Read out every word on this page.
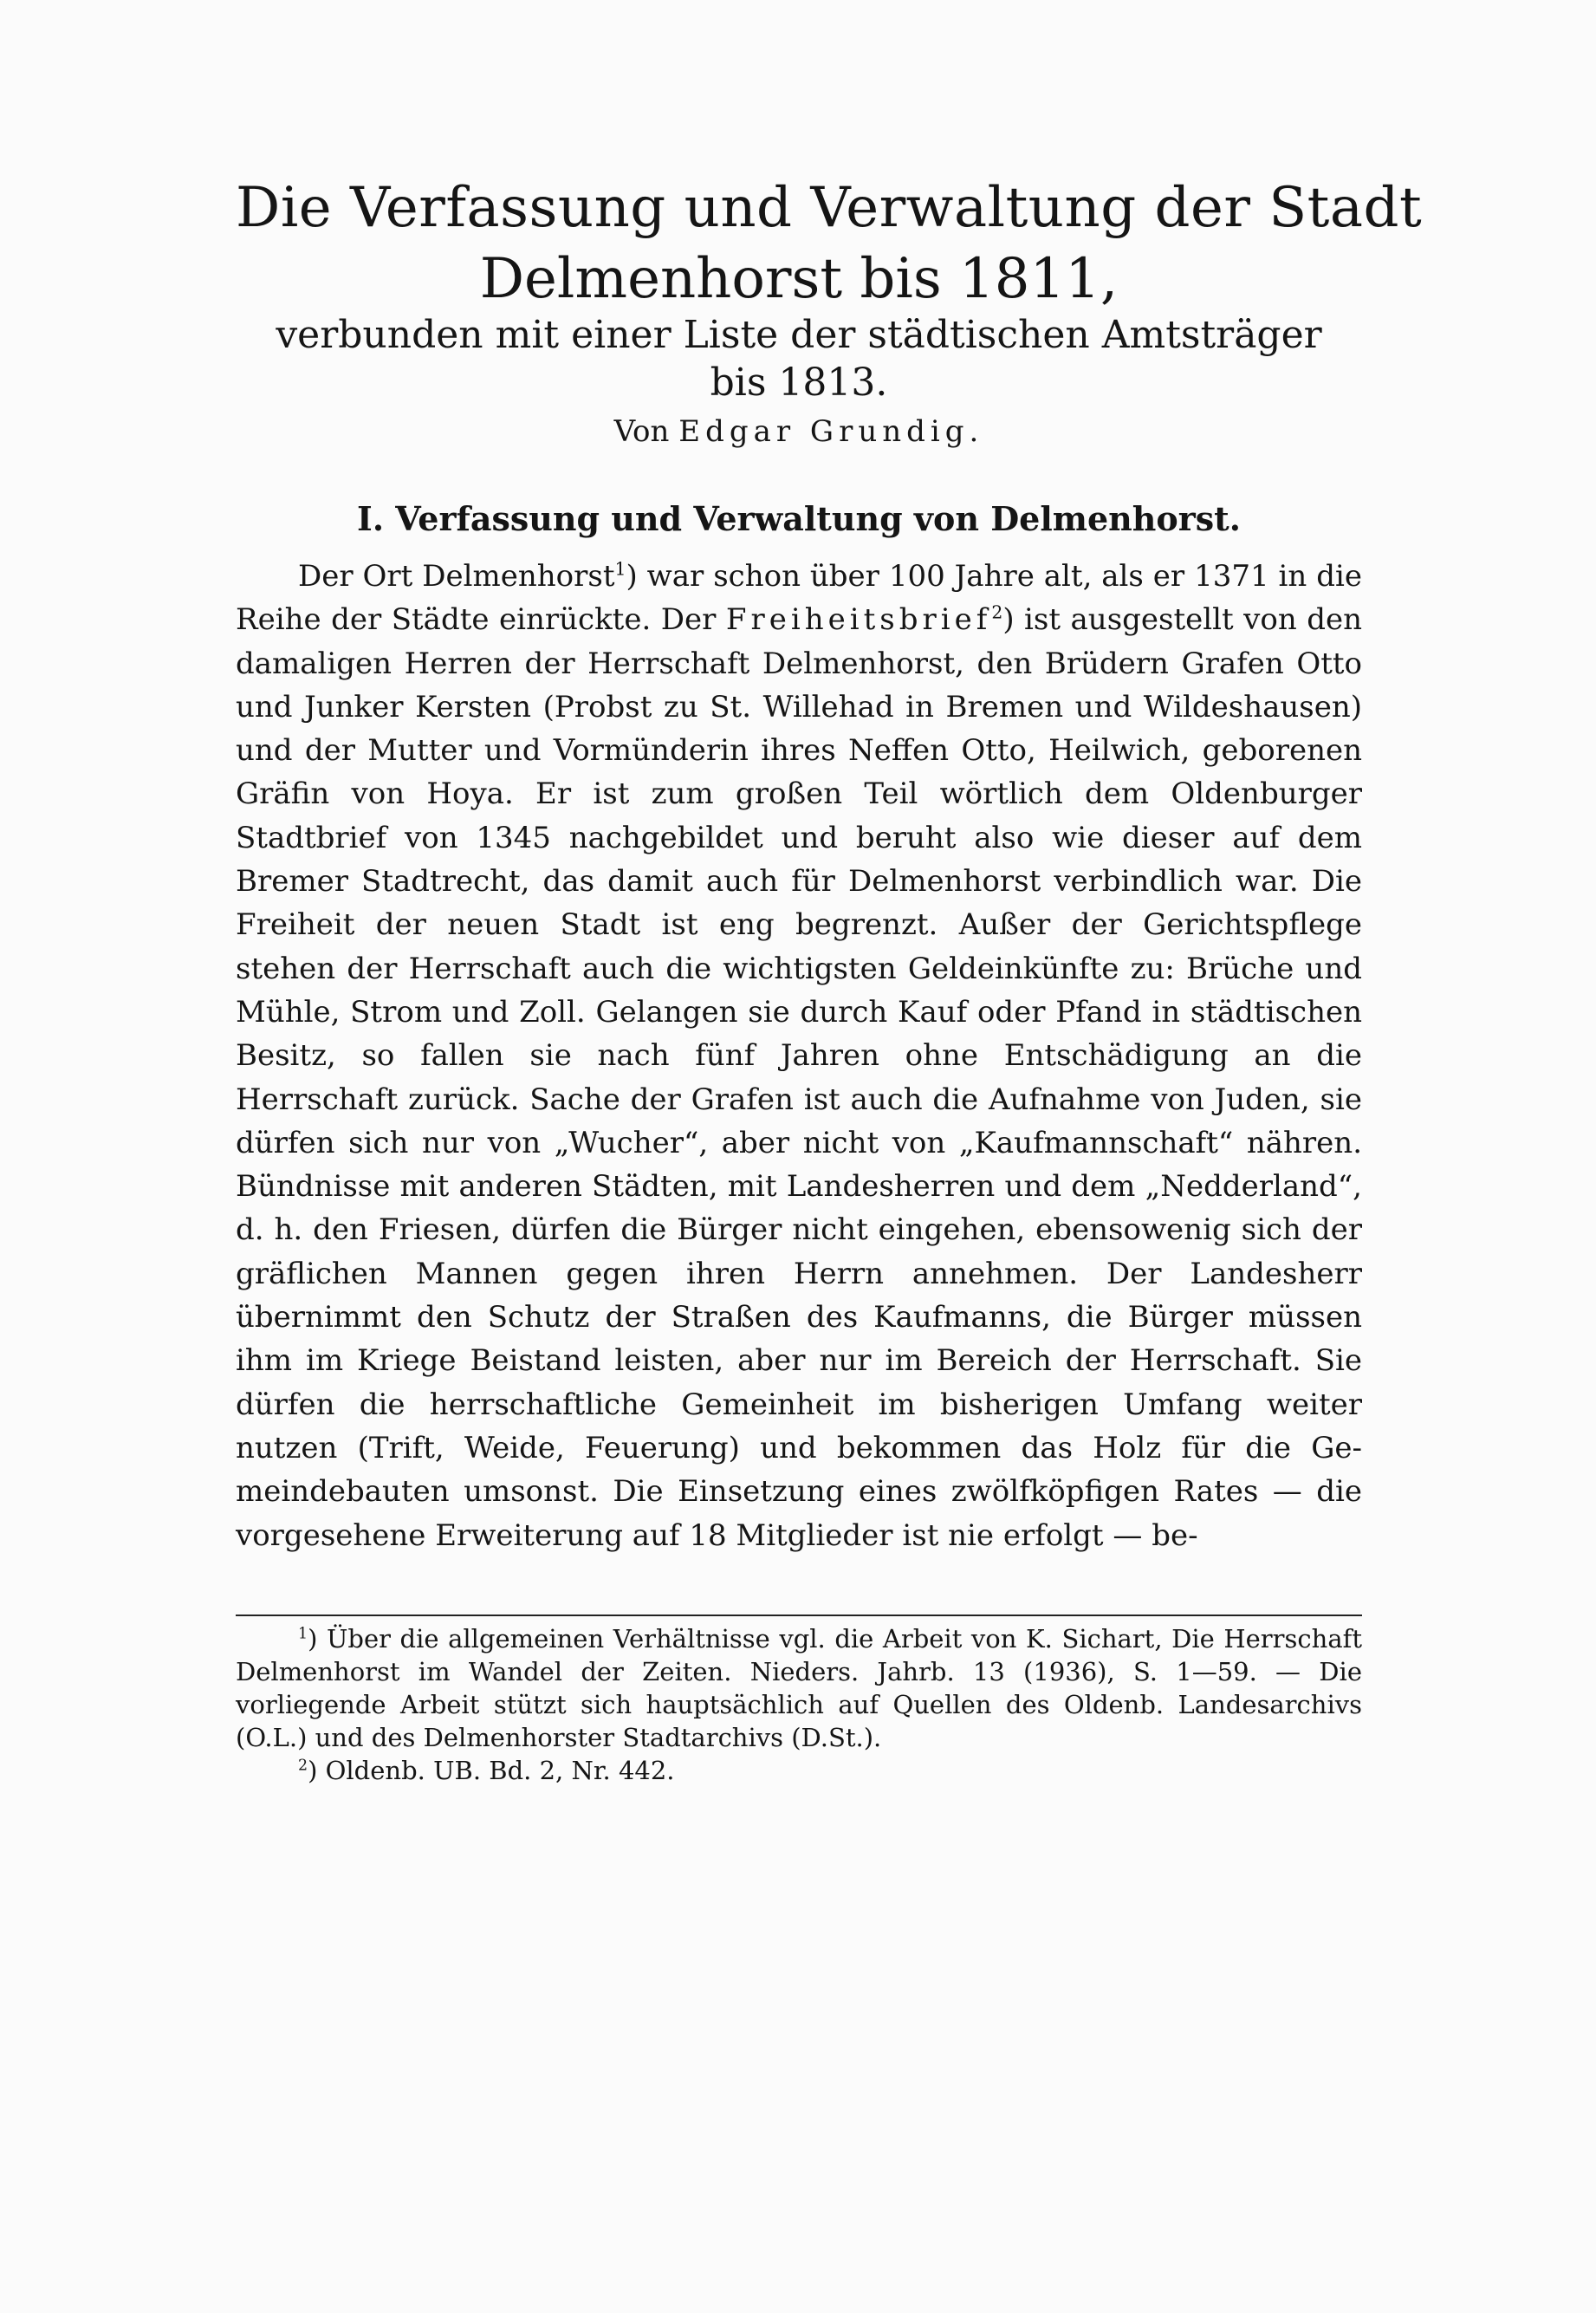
Die Verfassung und Verwaltung der Stadt
Delmenhorst bis 1811,
verbunden mit einer Liste der städtischen Amtsträger
bis 1813.
Von Edgar Grundig.
I. Verfassung und Verwaltung von Delmenhorst.

Der Ort Delmenhorst$^1$) war schon über 100 Jahre alt, als er 1371 in die Reihe der Städte einrückte. Der Freiheitsbrief$^2$) ist ausgestellt von den damaligen Herren der Herrschaft Delmenhorst, den Brüdern Grafen Otto und Junker Kersten (Probst zu St. Willehad in Bremen und Wildeshausen) und der Mutter und Vormünderin ihres Neffen Otto, Heilwich, geborenen Gräfin von Hoya. Er ist zum großen Teil wörtlich dem Oldenburger Stadtbrief von 1345 nachgebildet und beruht also wie dieser auf dem Bremer Stadtrecht, das damit auch für Delmenhorst verbindlich war. Die Freiheit der neuen Stadt ist eng begrenzt. Außer der Gerichtspflege stehen der Herrschaft auch die wichtigsten Geldeinkünfte zu: Brüche und Mühle, Strom und Zoll. Gelangen sie durch Kauf oder Pfand in städtischen Besitz, so fallen sie nach fünf Jahren ohne Entschädigung an die Herrschaft zurück. Sache der Grafen ist auch die Aufnahme von Juden, sie dürfen sich nur von „Wucher“, aber nicht von „Kaufmannschaft“ nähren. Bündnisse mit anderen Städten, mit Landesherren und dem „Nedderland“, d. h. den Friesen, dürfen die Bürger nicht eingehen, ebensowenig sich der gräflichen Mannen gegen ihren Herrn annehmen. Der Landesherr übernimmt den Schutz der Straßen des Kaufmanns, die Bürger müssen ihm im Kriege Beistand leisten, aber nur im Bereich der Herrschaft. Sie dürfen die herrschaftliche Gemeinheit im bisherigen Umfang weiter nutzen (Trift, Weide, Feuerung) und bekommen das Holz für die Gemeindebauten umsonst. Die Einsetzung eines zwölfköpfigen Rates — die vorgesehene Erweiterung auf 18 Mitglieder ist nie erfolgt — be-

$^1$) Über die allgemeinen Verhältnisse vgl. die Arbeit von K. Sichart, Die Herrschaft Delmenhorst im Wandel der Zeiten. Nieders. Jahrb. 13 (1936), S. 1—59. — Die vorliegende Arbeit stützt sich hauptsächlich auf Quellen des Oldenb. Landesarchivs (O.L.) und des Delmenhorster Stadtarchivs (D.St.).

$^2$) Oldenb. UB. Bd. 2, Nr. 442.
